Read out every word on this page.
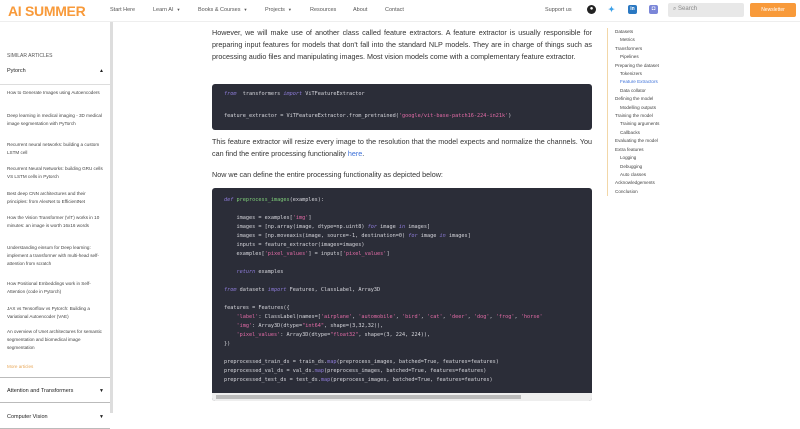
AI SUMMER	Start Here	Learn AI ▼	Books & Courses ▼	Projects ▼	Resources	About	Contact	Support us	●	✦	in	◘	⌕ Search	Newsletter
SIMILAR ARTICLES
Pytorch	▲
How to Generate Images using Autoencoders
Deep learning in medical imaging - 3D medical image segmentation with PyTorch
Recurrent neural networks: building a custom LSTM cell
Recurrent Neural Networks: building GRU cells VS LSTM cells in Pytorch
Best deep CNN architectures and their principles: from AlexNet to EfficientNet
How the Vision Transformer (ViT) works in 10 minutes: an image is worth 16x16 words
Understanding einsum for Deep learning: implement a transformer with multi-head self-attention from scratch
How Positional Embeddings work in Self-Attention (code in Pytorch)
JAX vs Tensorflow vs Pytorch: Building a Variational Autoencoder (VAE)
An overview of Unet architectures for semantic segmentation and biomedical image segmentation
More articles
Attention and Transformers	▼
Computer Vision	▼

However, we will make use of another class called feature extractors. A feature extractor is usually responsible for preparing input features for models that don't fall into the standard NLP models. They are in charge of things such as processing audio files and manipulating images. Most vision models come with a complementary feature extractor.

from  transformers import ViTFeatureExtractor
feature_extractor = ViTFeatureExtractor.from_pretrained('google/vit-base-patch16-224-in21k')

This feature extractor will resize every image to the resolution that the model expects and normalize the channels. You can find the entire processing functionality here.

Now we can define the entire processing functionality as depicted below:

def preprocess_images(examples):
images = examples['img']
images = [np.array(image, dtype=np.uint8) for image in images]
images = [np.moveaxis(image, source=-1, destination=0) for image in images]
inputs = feature_extractor(images=images)
examples['pixel_values'] = inputs['pixel_values']
return examples
from datasets import Features, ClassLabel, Array3D
features = Features({
'label': ClassLabel(names=['airplane', 'automobile', 'bird', 'cat', 'deer', 'dog', 'frog', 'horse'
'img': Array3D(dtype="int64", shape=(3,32,32)),
'pixel_values': Array3D(dtype="float32", shape=(3, 224, 224)),
})
preprocessed_train_ds = train_ds.map(preprocess_images, batched=True, features=features)
preprocessed_val_ds = val_ds.map(preprocess_images, batched=True, features=features)
preprocessed_test_ds = test_ds.map(preprocess_images, batched=True, features=features)
Datasets
Metrics
Transformers
Pipelines
Preparing the dataset
Tokenizers
Feature Extractors
Data collator
Defining the model
Modelling outputs
Training the model
Training arguments
Callbacks
Evaluating the model
Extra features
Logging
Debugging
Auto classes
Acknowledgements
Conclusion
